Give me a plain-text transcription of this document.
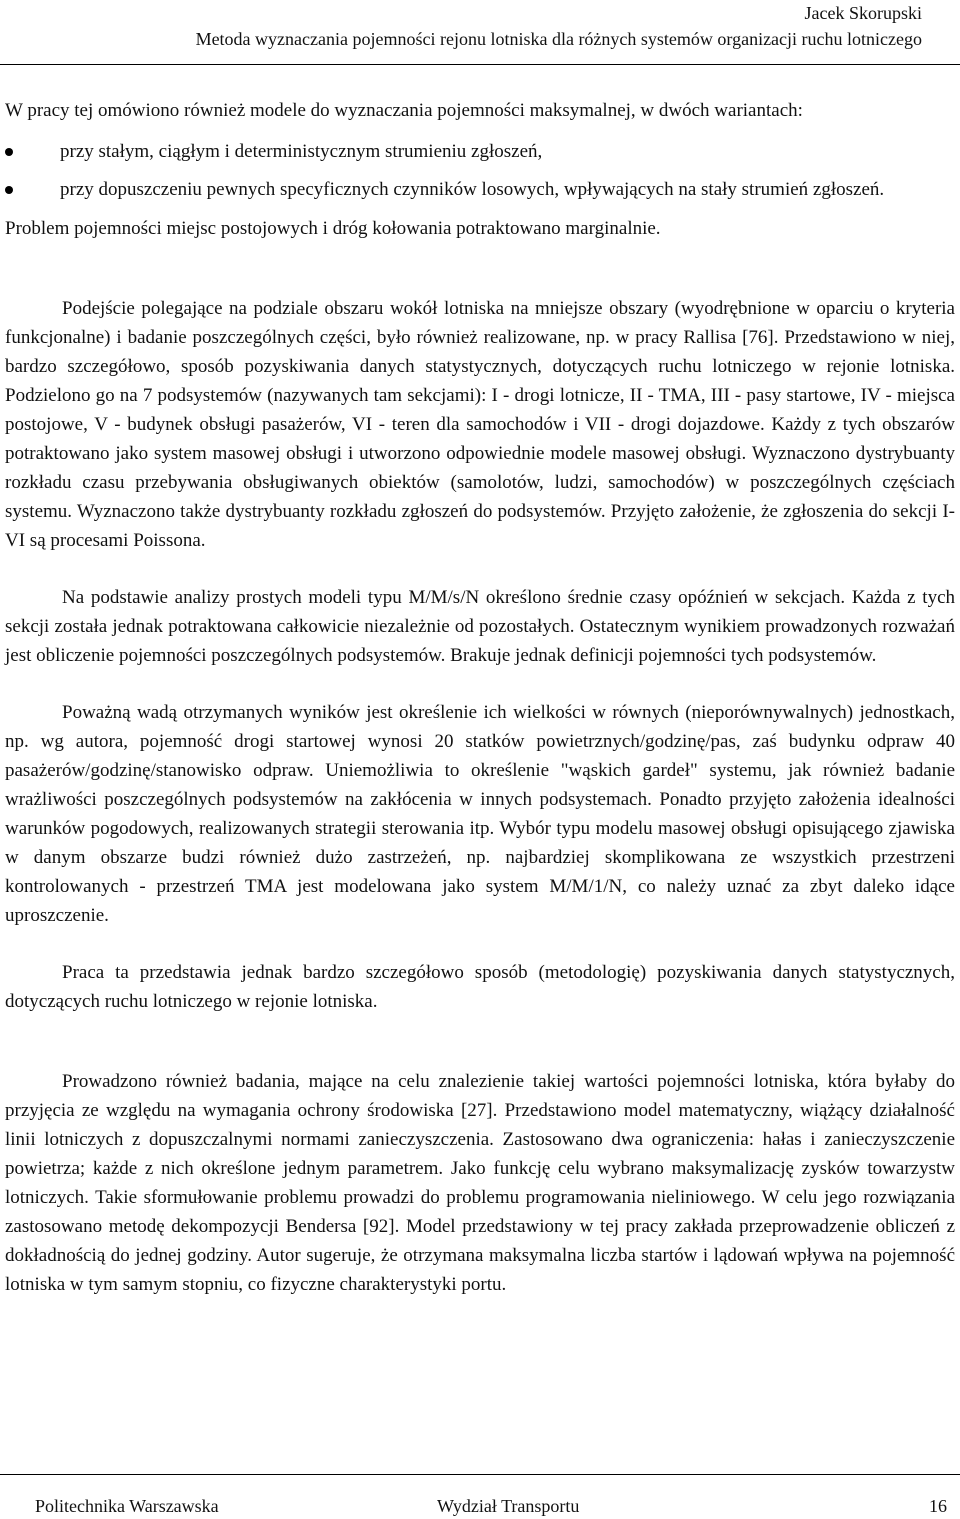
Jacek Skorupski
Metoda wyznaczania pojemności rejonu lotniska dla różnych systemów organizacji ruchu lotniczego

W pracy tej omówiono również modele do wyznaczania pojemności maksymalnej, w dwóch wariantach:

przy stałym, ciągłym i deterministycznym strumieniu zgłoszeń,
przy dopuszczeniu pewnych specyficznych czynników losowych, wpływających na stały strumień zgłoszeń.

Problem pojemności miejsc postojowych i dróg kołowania potraktowano marginalnie.

Podejście polegające na podziale obszaru wokół lotniska na mniejsze obszary (wyodrębnione w oparciu o kryteria funkcjonalne) i badanie poszczególnych części, było również realizowane, np. w pracy Rallisa [76]. Przedstawiono w niej, bardzo szczegółowo, sposób pozyskiwania danych statystycznych, dotyczących ruchu lotniczego w rejonie lotniska. Podzielono go na 7 podsystemów (nazywanych tam sekcjami): I - drogi lotnicze, II - TMA, III - pasy startowe, IV - miejsca postojowe, V - budynek obsługi pasażerów, VI - teren dla samochodów i VII - drogi dojazdowe. Każdy z tych obszarów potraktowano jako system masowej obsługi i utworzono odpowiednie modele masowej obsługi. Wyznaczono dystrybuanty rozkładu czasu przebywania obsługiwanych obiektów (samolotów, ludzi, samochodów) w poszczególnych częściach systemu. Wyznaczono także dystrybuanty rozkładu zgłoszeń do podsystemów. Przyjęto założenie, że zgłoszenia do sekcji I-VI są procesami Poissona.

Na podstawie analizy prostych modeli typu M/M/s/N określono średnie czasy opóźnień w sekcjach. Każda z tych sekcji została jednak potraktowana całkowicie niezależnie od pozostałych. Ostatecznym wynikiem prowadzonych rozważań jest obliczenie pojemności poszczególnych podsystemów. Brakuje jednak definicji pojemności tych podsystemów.

Poważną wadą otrzymanych wyników jest określenie ich wielkości w równych (nieporównywalnych) jednostkach, np. wg autora, pojemność drogi startowej wynosi 20 statków powietrznych/godzinę/pas, zaś budynku odpraw 40 pasażerów/godzinę/stanowisko odpraw. Uniemożliwia to określenie "wąskich gardeł" systemu, jak również badanie wrażliwości poszczególnych podsystemów na zakłócenia w innych podsystemach. Ponadto przyjęto założenia idealności warunków pogodowych, realizowanych strategii sterowania itp. Wybór typu modelu masowej obsługi opisującego zjawiska w danym obszarze budzi również dużo zastrzeżeń, np. najbardziej skomplikowana ze wszystkich przestrzeni kontrolowanych - przestrzeń TMA jest modelowana jako system M/M/1/N, co należy uznać za zbyt daleko idące uproszczenie.

Praca ta przedstawia jednak bardzo szczegółowo sposób (metodologię) pozyskiwania danych statystycznych, dotyczących ruchu lotniczego w rejonie lotniska.

Prowadzono również badania, mające na celu znalezienie takiej wartości pojemności lotniska, która byłaby do przyjęcia ze względu na wymagania ochrony środowiska [27]. Przedstawiono model matematyczny, wiążący działalność linii lotniczych z dopuszczalnymi normami zanieczyszczenia. Zastosowano dwa ograniczenia: hałas i zanieczyszczenie powietrza; każde z nich określone jednym parametrem. Jako funkcję celu wybrano maksymalizację zysków towarzystw lotniczych. Takie sformułowanie problemu prowadzi do problemu programowania nieliniowego. W celu jego rozwiązania zastosowano metodę dekompozycji Bendersa [92]. Model przedstawiony w tej pracy zakłada przeprowadzenie obliczeń z dokładnością do jednej godziny. Autor sugeruje, że otrzymana maksymalna liczba startów i lądowań wpływa na pojemność lotniska w tym samym stopniu, co fizyczne charakterystyki portu.

Politechnika Warszawska	Wydział Transportu	16
